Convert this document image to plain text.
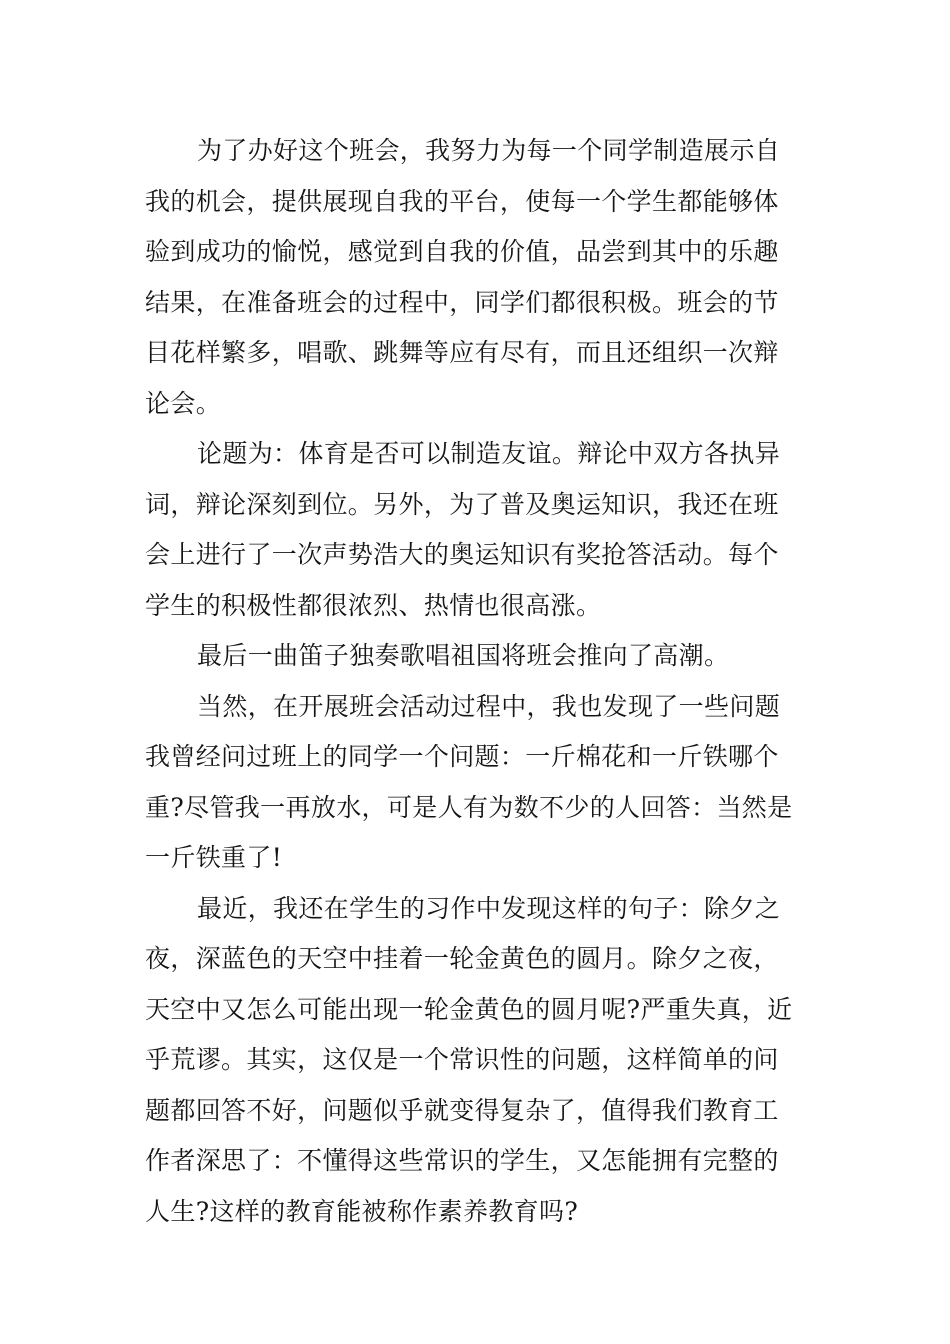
为了办好这个班会，我努力为每一个同学制造展示自
我的机会，提供展现自我的平台，使每一个学生都能够体
验到成功的愉悦，感觉到自我的价值，品尝到其中的乐趣
结果，在准备班会的过程中，同学们都很积极。班会的节
目花样繁多，唱歌、跳舞等应有尽有，而且还组织一次辩
论会。
论题为：体育是否可以制造友谊。辩论中双方各执异
词，辩论深刻到位。另外，为了普及奥运知识，我还在班
会上进行了一次声势浩大的奥运知识有奖抢答活动。每个
学生的积极性都很浓烈、热情也很高涨。
最后一曲笛子独奏歌唱祖国将班会推向了高潮。
当然，在开展班会活动过程中，我也发现了一些问题
我曾经问过班上的同学一个问题：一斤棉花和一斤铁哪个
重?尽管我一再放水，可是人有为数不少的人回答：当然是
一斤铁重了!
最近，我还在学生的习作中发现这样的句子：除夕之
夜，深蓝色的天空中挂着一轮金黄色的圆月。除夕之夜，
天空中又怎么可能出现一轮金黄色的圆月呢?严重失真，近
乎荒谬。其实，这仅是一个常识性的问题，这样简单的问
题都回答不好，问题似乎就变得复杂了，值得我们教育工
作者深思了：不懂得这些常识的学生，又怎能拥有完整的
人生?这样的教育能被称作素养教育吗?
